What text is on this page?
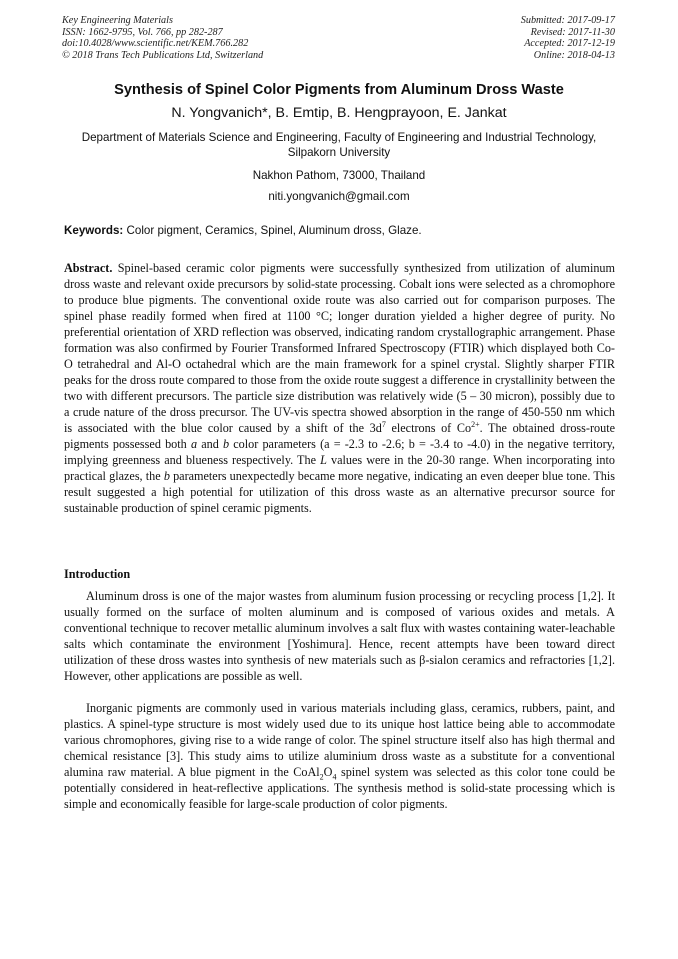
Key Engineering Materials
ISSN: 1662-9795, Vol. 766, pp 282-287
doi:10.4028/www.scientific.net/KEM.766.282
© 2018 Trans Tech Publications Ltd, Switzerland
Submitted: 2017-09-17
Revised: 2017-11-30
Accepted: 2017-12-19
Online: 2018-04-13
Synthesis of Spinel Color Pigments from Aluminum Dross Waste
N. Yongvanich*, B. Emtip, B. Hengprayoon, E. Jankat
Department of Materials Science and Engineering, Faculty of Engineering and Industrial Technology, Silpakorn University
Nakhon Pathom, 73000, Thailand
niti.yongvanich@gmail.com
Keywords: Color pigment, Ceramics, Spinel, Aluminum dross, Glaze.
Abstract. Spinel-based ceramic color pigments were successfully synthesized from utilization of aluminum dross waste and relevant oxide precursors by solid-state processing. Cobalt ions were selected as a chromophore to produce blue pigments. The conventional oxide route was also carried out for comparison purposes. The spinel phase readily formed when fired at 1100 °C; longer duration yielded a higher degree of purity. No preferential orientation of XRD reflection was observed, indicating random crystallographic arrangement. Phase formation was also confirmed by Fourier Transformed Infrared Spectroscopy (FTIR) which displayed both Co-O tetrahedral and Al-O octahedral which are the main framework for a spinel crystal. Slightly sharper FTIR peaks for the dross route compared to those from the oxide route suggest a difference in crystallinity between the two with different precursors. The particle size distribution was relatively wide (5 – 30 micron), possibly due to a crude nature of the dross precursor. The UV-vis spectra showed absorption in the range of 450-550 nm which is associated with the blue color caused by a shift of the $3d^7$ electrons of $Co^{2+}$. The obtained dross-route pigments possessed both a and b color parameters (a = -2.3 to -2.6; b = -3.4 to -4.0) in the negative territory, implying greenness and blueness respectively. The L values were in the 20-30 range. When incorporating into practical glazes, the b parameters unexpectedly became more negative, indicating an even deeper blue tone. This result suggested a high potential for utilization of this dross waste as an alternative precursor source for sustainable production of spinel ceramic pigments.
Introduction
Aluminum dross is one of the major wastes from aluminum fusion processing or recycling process [1,2]. It usually formed on the surface of molten aluminum and is composed of various oxides and metals. A conventional technique to recover metallic aluminum involves a salt flux with wastes containing water-leachable salts which contaminate the environment [Yoshimura]. Hence, recent attempts have been toward direct utilization of these dross wastes into synthesis of new materials such as β-sialon ceramics and refractories [1,2]. However, other applications are possible as well.
Inorganic pigments are commonly used in various materials including glass, ceramics, rubbers, paint, and plastics. A spinel-type structure is most widely used due to its unique host lattice being able to accommodate various chromophores, giving rise to a wide range of color. The spinel structure itself also has high thermal and chemical resistance [3]. This study aims to utilize aluminium dross waste as a substitute for a conventional alumina raw material. A blue pigment in the $CoAl_2O_4$ spinel system was selected as this color tone could be potentially considered in heat-reflective applications. The synthesis method is solid-state processing which is simple and economically feasible for large-scale production of color pigments.
